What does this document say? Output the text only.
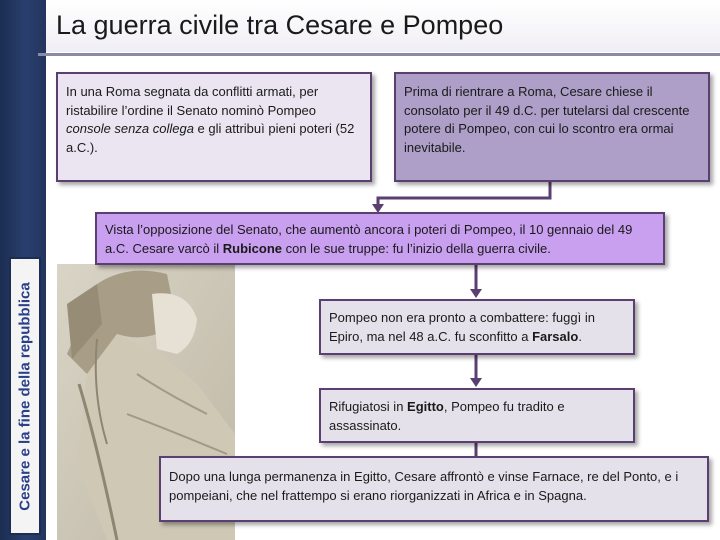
Cesare e la fine della repubblica
La guerra civile tra Cesare e Pompeo
In una Roma segnata da conflitti armati, per ristabilire l’ordine il Senato nominò Pompeo console senza collega e gli attribuì pieni poteri (52 a.C.).
Prima di rientrare a Roma, Cesare chiese il consolato per il 49 d.C. per tutelarsi dal crescente potere di Pompeo, con cui lo scontro era ormai inevitabile.
Vista l’opposizione del Senato, che aumentò ancora i poteri di Pompeo, il 10 gennaio del 49 a.C. Cesare varcò il Rubicone con le sue truppe: fu l’inizio della guerra civile.
Pompeo non era pronto a combattere: fuggì in Epiro, ma nel 48 a.C. fu sconfitto a Farsalo.
Rifugiatosi in Egitto, Pompeo fu tradito e assassinato.
Dopo una lunga permanenza in Egitto, Cesare affrontò e vinse Farnace, re del Ponto, e i pompeiani, che nel frattempo si erano riorganizzati in Africa e in Spagna.
